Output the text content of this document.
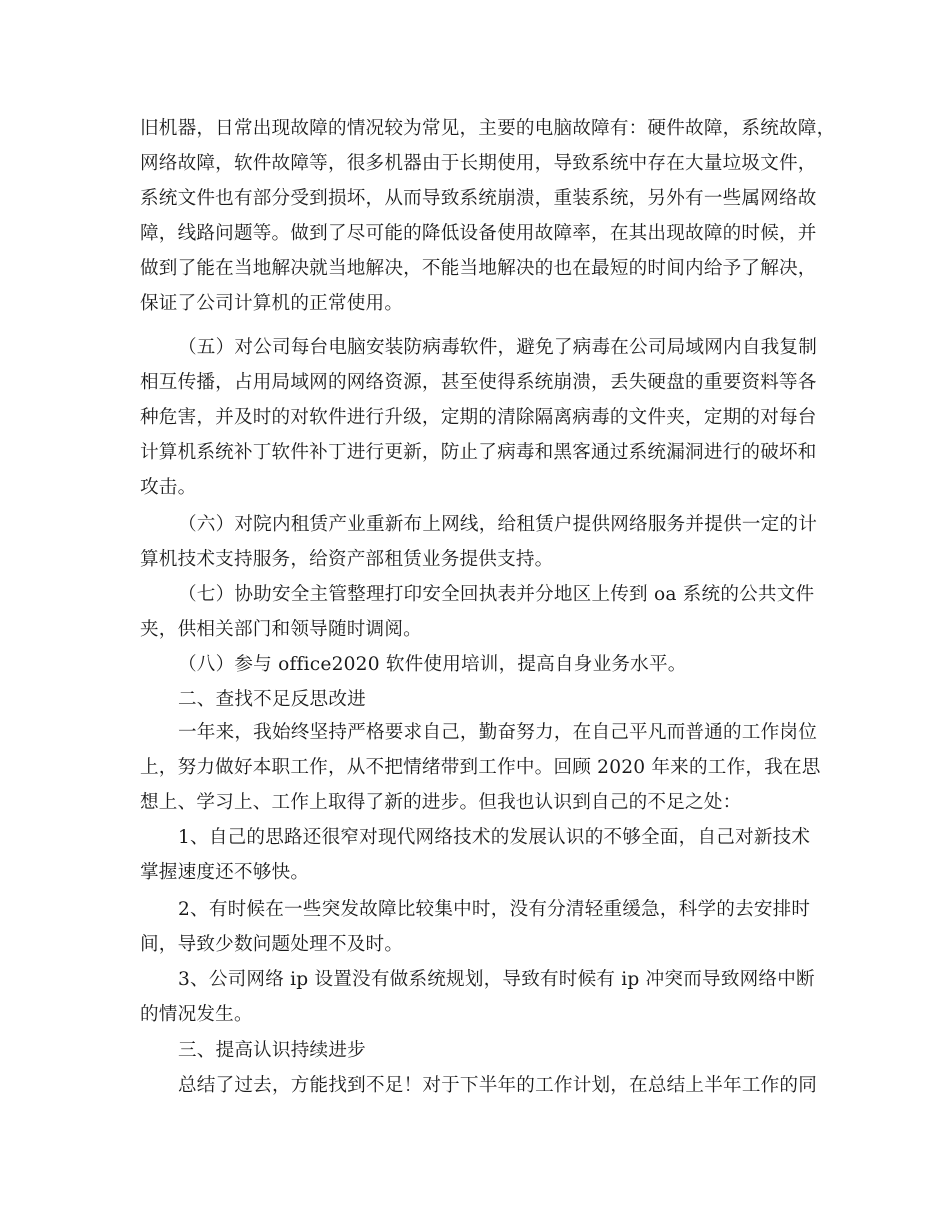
旧机器，日常出现故障的情况较为常见，主要的电脑故障有：硬件故障，系统故障，
网络故障，软件故障等，很多机器由于长期使用，导致系统中存在大量垃圾文件，
系统文件也有部分受到损坏，从而导致系统崩溃，重装系统，另外有一些属网络故
障，线路问题等。做到了尽可能的降低设备使用故障率，在其出现故障的时候，并
做到了能在当地解决就当地解决，不能当地解决的也在最短的时间内给予了解决，
保证了公司计算机的正常使用。
（五）对公司每台电脑安装防病毒软件，避免了病毒在公司局域网内自我复制
相互传播，占用局域网的网络资源，甚至使得系统崩溃，丢失硬盘的重要资料等各
种危害，并及时的对软件进行升级，定期的清除隔离病毒的文件夹，定期的对每台
计算机系统补丁软件补丁进行更新，防止了病毒和黑客通过系统漏洞进行的破坏和
攻击。
（六）对院内租赁产业重新布上网线，给租赁户提供网络服务并提供一定的计
算机技术支持服务，给资产部租赁业务提供支持。
（七）协助安全主管整理打印安全回执表并分地区上传到 oa 系统的公共文件
夹，供相关部门和领导随时调阅。
（八）参与 office2020 软件使用培训，提高自身业务水平。
二、查找不足反思改进
一年来，我始终坚持严格要求自己，勤奋努力，在自己平凡而普通的工作岗位
上，努力做好本职工作，从不把情绪带到工作中。回顾 2020 年来的工作，我在思
想上、学习上、工作上取得了新的进步。但我也认识到自己的不足之处：
1、自己的思路还很窄对现代网络技术的发展认识的不够全面，自己对新技术
掌握速度还不够快。
2、有时候在一些突发故障比较集中时，没有分清轻重缓急，科学的去安排时
间，导致少数问题处理不及时。
3、公司网络 ip 设置没有做系统规划，导致有时候有 ip 冲突而导致网络中断
的情况发生。
三、提高认识持续进步
总结了过去，方能找到不足！对于下半年的工作计划，在总结上半年工作的同
